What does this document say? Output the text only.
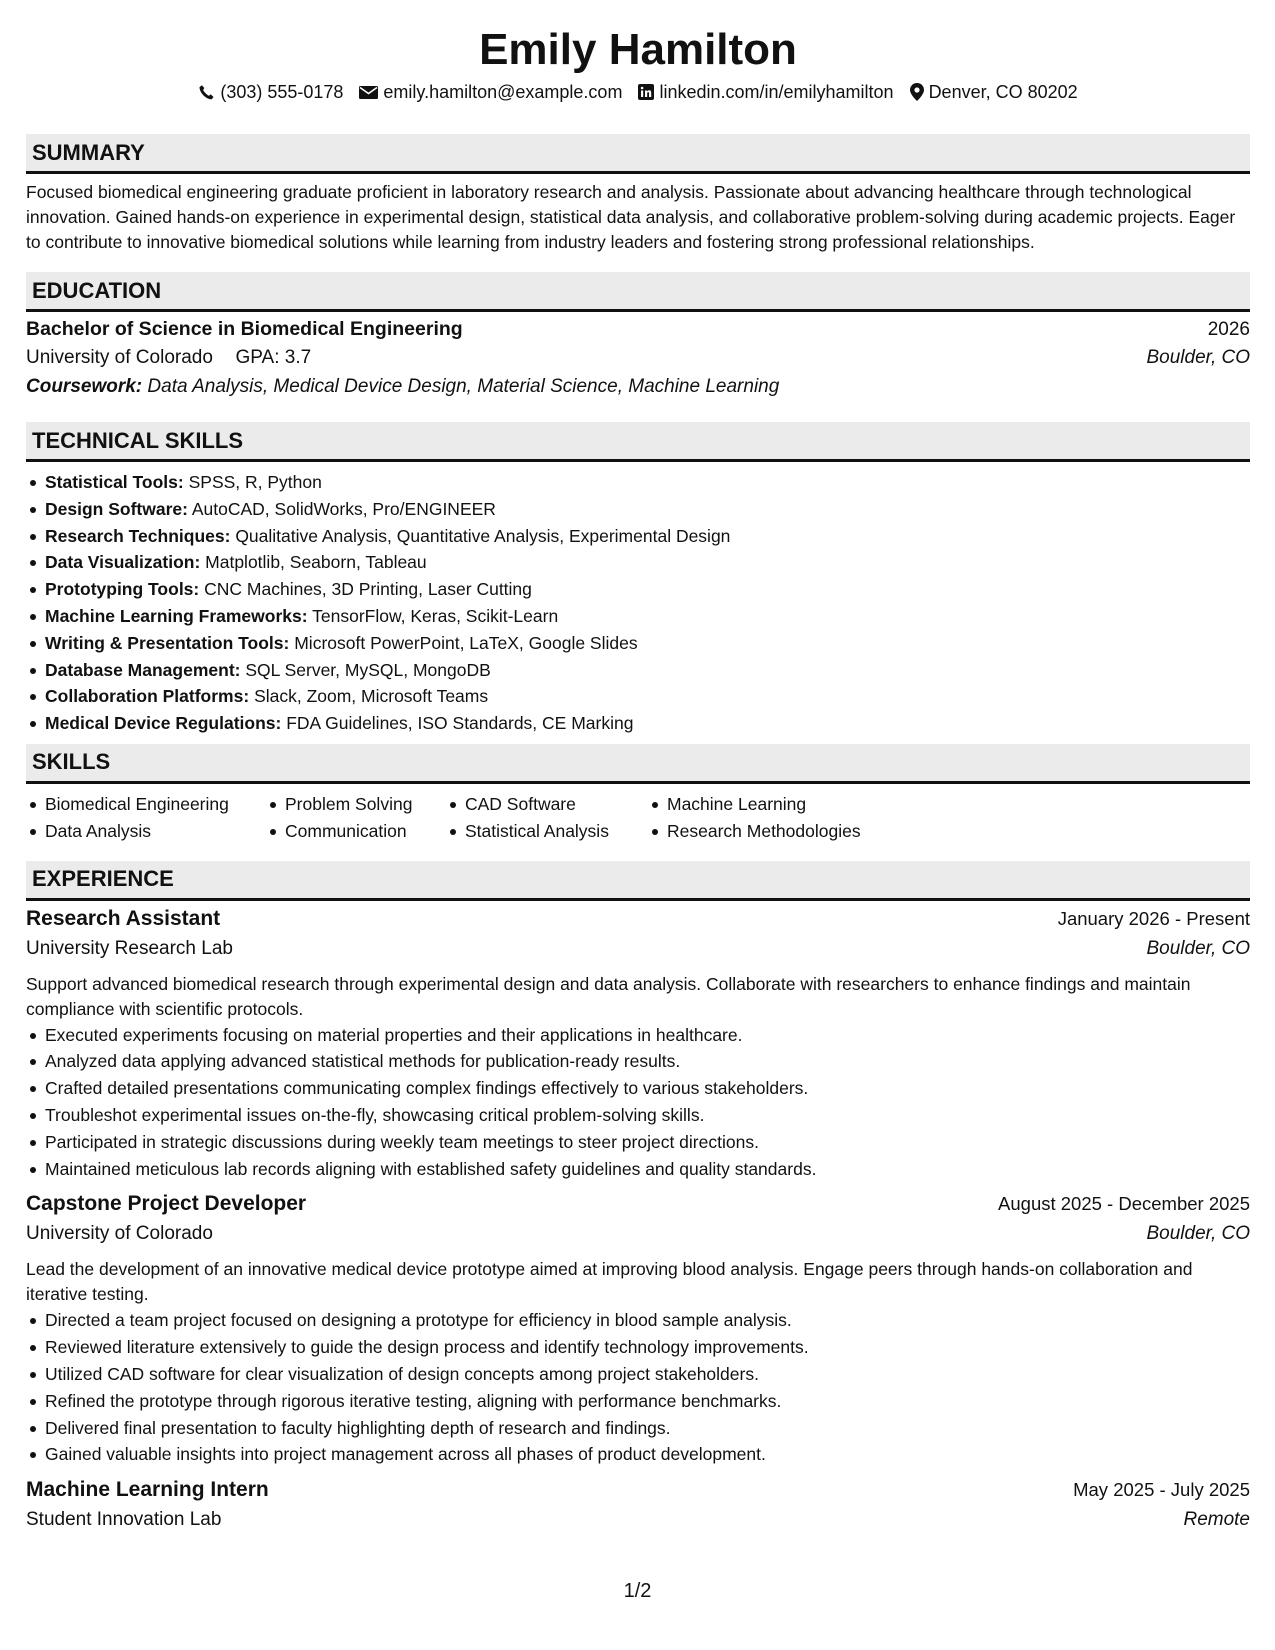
Emily Hamilton
(303) 555-0178 emily.hamilton@example.com linkedin.com/in/emilyhamilton Denver, CO 80202
SUMMARY
Focused biomedical engineering graduate proficient in laboratory research and analysis. Passionate about advancing healthcare through technological innovation. Gained hands-on experience in experimental design, statistical data analysis, and collaborative problem-solving during academic projects. Eager to contribute to innovative biomedical solutions while learning from industry leaders and fostering strong professional relationships.
EDUCATION
Bachelor of Science in Biomedical Engineering	2026
University of Colorado GPA: 3.7	Boulder, CO
Coursework: Data Analysis, Medical Device Design, Material Science, Machine Learning
TECHNICAL SKILLS
Statistical Tools: SPSS, R, Python
Design Software: AutoCAD, SolidWorks, Pro/ENGINEER
Research Techniques: Qualitative Analysis, Quantitative Analysis, Experimental Design
Data Visualization: Matplotlib, Seaborn, Tableau
Prototyping Tools: CNC Machines, 3D Printing, Laser Cutting
Machine Learning Frameworks: TensorFlow, Keras, Scikit-Learn
Writing & Presentation Tools: Microsoft PowerPoint, LaTeX, Google Slides
Database Management: SQL Server, MySQL, MongoDB
Collaboration Platforms: Slack, Zoom, Microsoft Teams
Medical Device Regulations: FDA Guidelines, ISO Standards, CE Marking
SKILLS
Biomedical Engineering
Data Analysis
Problem Solving
Communication
CAD Software
Statistical Analysis
Machine Learning
Research Methodologies
EXPERIENCE
Research Assistant	January 2026 - Present
University Research Lab	Boulder, CO
Support advanced biomedical research through experimental design and data analysis. Collaborate with researchers to enhance findings and maintain compliance with scientific protocols.
Executed experiments focusing on material properties and their applications in healthcare.
Analyzed data applying advanced statistical methods for publication-ready results.
Crafted detailed presentations communicating complex findings effectively to various stakeholders.
Troubleshot experimental issues on-the-fly, showcasing critical problem-solving skills.
Participated in strategic discussions during weekly team meetings to steer project directions.
Maintained meticulous lab records aligning with established safety guidelines and quality standards.
Capstone Project Developer	August 2025 - December 2025
University of Colorado	Boulder, CO
Lead the development of an innovative medical device prototype aimed at improving blood analysis. Engage peers through hands-on collaboration and iterative testing.
Directed a team project focused on designing a prototype for efficiency in blood sample analysis.
Reviewed literature extensively to guide the design process and identify technology improvements.
Utilized CAD software for clear visualization of design concepts among project stakeholders.
Refined the prototype through rigorous iterative testing, aligning with performance benchmarks.
Delivered final presentation to faculty highlighting depth of research and findings.
Gained valuable insights into project management across all phases of product development.
Machine Learning Intern	May 2025 - July 2025
Student Innovation Lab	Remote
1/2
